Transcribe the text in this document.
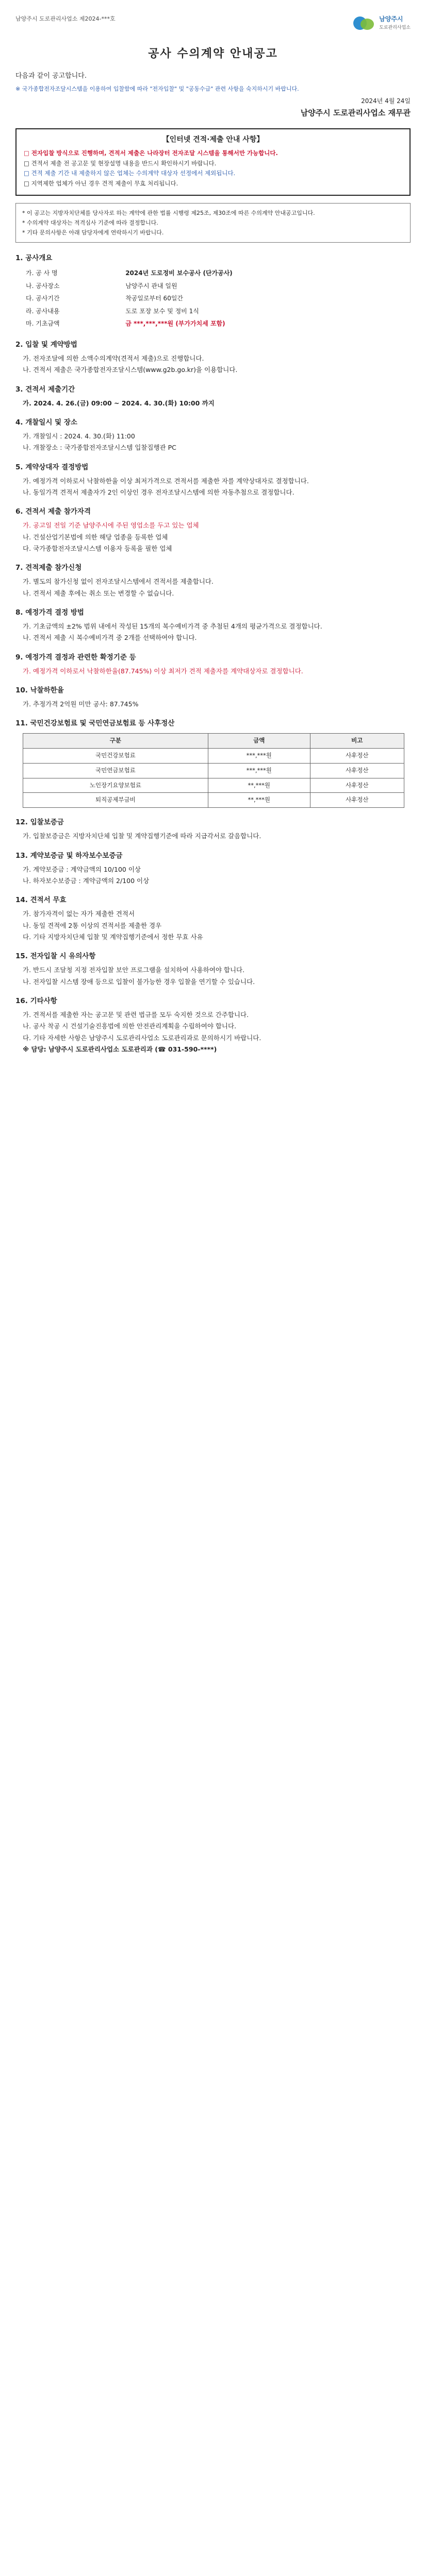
남양주시 도로관리사업소 제2024-***호	남양주시
도로관리사업소
공사 수의계약 안내공고

다음과 같이 공고합니다.

※ 국가종합전자조달시스템을 이용하여 입찰함에 따라 "전자입찰" 및 "공동수급" 관련 사항을 숙지하시기 바랍니다.

2024년 4월 24일

남양주시 도로관리사업소 재무관

【인터넷 견적·제출 안내 사항】

□ 전자입찰 방식으로 진행하며, 견적서 제출은 나라장터 전자조달 시스템을 통해서만 가능합니다.

□ 견적서 제출 전 공고문 및 현장설명 내용을 반드시 확인하시기 바랍니다.

□ 견적 제출 기간 내 제출하지 않은 업체는 수의계약 대상자 선정에서 제외됩니다.

□ 지역제한 업체가 아닌 경우 견적 제출이 무효 처리됩니다.

* 이 공고는 지방자치단체를 당사자로 하는 계약에 관한 법률 시행령 제25조, 제30조에 따른 수의계약 안내공고입니다.

* 수의계약 대상자는 적격심사 기준에 따라 결정합니다.

* 기타 문의사항은 아래 담당자에게 연락하시기 바랍니다.

1. 공사개요
가. 공 사 명	2024년 도로정비 보수공사 (단가공사)
나. 공사장소	남양주시 관내 일원
다. 공사기간	착공일로부터 60일간
라. 공사내용	도로 포장 보수 및 정비 1식
마. 기초금액	금 ***,***,***원 (부가가치세 포함)
2. 입찰 및 계약방법

가. 전자조달에 의한 소액수의계약(견적서 제출)으로 진행합니다.

나. 견적서 제출은 국가종합전자조달시스템(www.g2b.go.kr)을 이용합니다.

3. 견적서 제출기간

가. 2024. 4. 26.(금) 09:00 ~ 2024. 4. 30.(화) 10:00 까지

4. 개찰일시 및 장소

가. 개찰일시 : 2024. 4. 30.(화) 11:00

나. 개찰장소 : 국가종합전자조달시스템 입찰집행관 PC

5. 계약상대자 결정방법

가. 예정가격 이하로서 낙찰하한율 이상 최저가격으로 견적서를 제출한 자를 계약상대자로 결정합니다.

나. 동일가격 견적서 제출자가 2인 이상인 경우 전자조달시스템에 의한 자동추첨으로 결정합니다.

6. 견적서 제출 참가자격

가. 공고일 전일 기준 남양주시에 주된 영업소를 두고 있는 업체

나. 건설산업기본법에 의한 해당 업종을 등록한 업체

다. 국가종합전자조달시스템 이용자 등록을 필한 업체

7. 견적제출 참가신청

가. 별도의 참가신청 없이 전자조달시스템에서 견적서를 제출합니다.

나. 견적서 제출 후에는 취소 또는 변경할 수 없습니다.

8. 예정가격 결정 방법

가. 기초금액의 ±2% 범위 내에서 작성된 15개의 복수예비가격 중 추첨된 4개의 평균가격으로 결정합니다.

나. 견적서 제출 시 복수예비가격 중 2개를 선택하여야 합니다.

9. 예정가격 결정과 관련한 확정기준 등

가. 예정가격 이하로서 낙찰하한율(87.745%) 이상 최저가 견적 제출자를 계약대상자로 결정합니다.

10. 낙찰하한율

가. 추정가격 2억원 미만 공사: 87.745%

11. 국민건강보험료 및 국민연금보험료 등 사후정산
구분	금액	비고
국민건강보험료	***,***원	사후정산
국민연금보험료	***,***원	사후정산
노인장기요양보험료	**,***원	사후정산
퇴직공제부금비	**,***원	사후정산
12. 입찰보증금

가. 입찰보증금은 지방자치단체 입찰 및 계약집행기준에 따라 지급각서로 갈음합니다.

13. 계약보증금 및 하자보수보증금

가. 계약보증금 : 계약금액의 10/100 이상

나. 하자보수보증금 : 계약금액의 2/100 이상

14. 견적서 무효

가. 참가자격이 없는 자가 제출한 견적서

나. 동일 견적에 2통 이상의 견적서를 제출한 경우

다. 기타 지방자치단체 입찰 및 계약집행기준에서 정한 무효 사유

15. 전자입찰 시 유의사항

가. 반드시 조달청 지정 전자입찰 보안 프로그램을 설치하여 사용하여야 합니다.

나. 전자입찰 시스템 장애 등으로 입찰이 불가능한 경우 입찰을 연기할 수 있습니다.

16. 기타사항

가. 견적서를 제출한 자는 공고문 및 관련 법규를 모두 숙지한 것으로 간주합니다.

나. 공사 착공 시 건설기술진흥법에 의한 안전관리계획을 수립하여야 합니다.

다. 기타 자세한 사항은 남양주시 도로관리사업소 도로관리과로 문의하시기 바랍니다.

※ 담당: 남양주시 도로관리사업소 도로관리과 (☎ 031-590-****)
